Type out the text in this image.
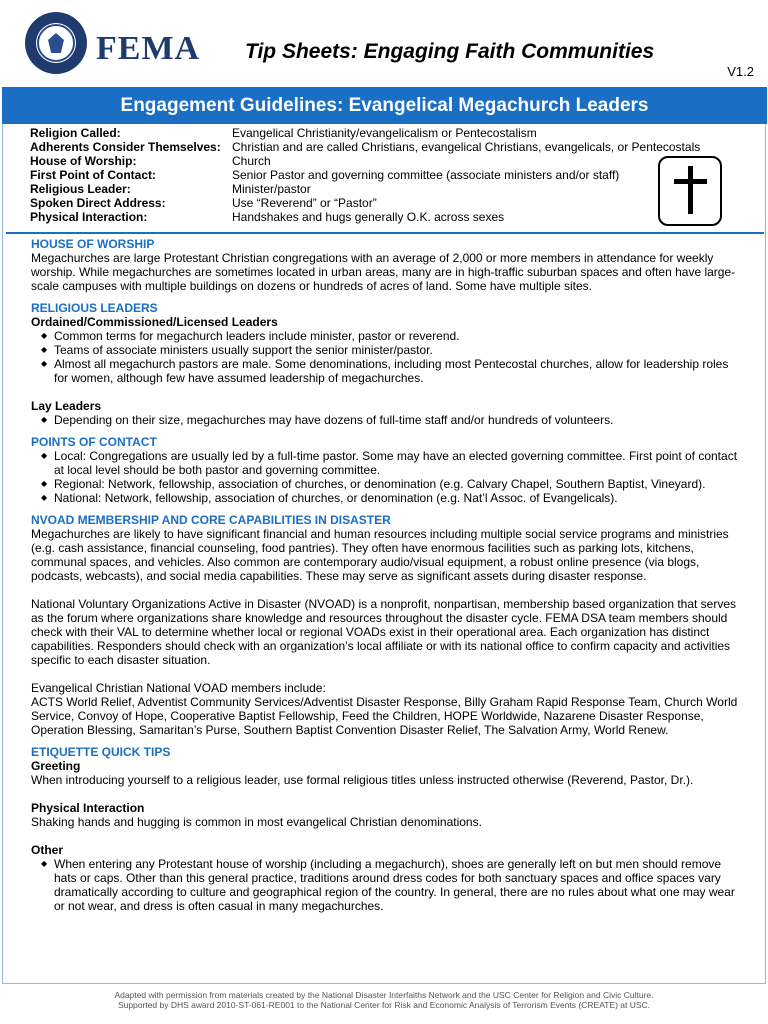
FEMA Tip Sheets: Engaging Faith Communities
V1.2
Engagement Guidelines: Evangelical Megachurch Leaders
Religion Called:	Evangelical Christianity/evangelicalism or Pentecostalism
Adherents Consider Themselves: Christian and are called Christians, evangelical Christians, evangelicals, or Pentecostals
House of Worship:	Church
First Point of Contact:	Senior Pastor and governing committee (associate ministers and/or staff)
Religious Leader:	Minister/pastor
Spoken Direct Address:	Use “Reverend” or “Pastor”
Physical Interaction:	Handshakes and hugs generally O.K. across sexes
HOUSE OF WORSHIP
Megachurches are large Protestant Christian congregations with an average of 2,000 or more members in attendance for weekly worship. While megachurches are sometimes located in urban areas, many are in high-traffic suburban spaces and often have large-scale campuses with multiple buildings on dozens or hundreds of acres of land. Some have multiple sites.
RELIGIOUS LEADERS
Ordained/Commissioned/Licensed Leaders
◆ Common terms for megachurch leaders include minister, pastor or reverend.
◆ Teams of associate ministers usually support the senior minister/pastor.
◆ Almost all megachurch pastors are male. Some denominations, including most Pentecostal churches, allow for leadership roles for women, although few have assumed leadership of megachurches.
Lay Leaders
◆ Depending on their size, megachurches may have dozens of full-time staff and/or hundreds of volunteers.
POINTS OF CONTACT
◆ Local: Congregations are usually led by a full-time pastor. Some may have an elected governing committee. First point of contact at local level should be both pastor and governing committee.
◆ Regional: Network, fellowship, association of churches, or denomination (e.g. Calvary Chapel, Southern Baptist, Vineyard).
◆ National: Network, fellowship, association of churches, or denomination (e.g. Nat’l Assoc. of Evangelicals).
NVOAD MEMBERSHIP AND CORE CAPABILITIES IN DISASTER
Megachurches are likely to have significant financial and human resources including multiple social service programs and ministries (e.g. cash assistance, financial counseling, food pantries). They often have enormous facilities such as parking lots, kitchens, communal spaces, and vehicles. Also common are contemporary audio/visual equipment, a robust online presence (via blogs, podcasts, webcasts), and social media capabilities. These may serve as significant assets during disaster response.
National Voluntary Organizations Active in Disaster (NVOAD) is a nonprofit, nonpartisan, membership based organization that serves as the forum where organizations share knowledge and resources throughout the disaster cycle. FEMA DSA team members should check with their VAL to determine whether local or regional VOADs exist in their operational area. Each organization has distinct capabilities. Responders should check with an organization’s local affiliate or with its national office to confirm capacity and activities specific to each disaster situation.
Evangelical Christian National VOAD members include:
ACTS World Relief, Adventist Community Services/Adventist Disaster Response, Billy Graham Rapid Response Team, Church World Service, Convoy of Hope, Cooperative Baptist Fellowship, Feed the Children, HOPE Worldwide, Nazarene Disaster Response, Operation Blessing, Samaritan’s Purse, Southern Baptist Convention Disaster Relief, The Salvation Army, World Renew.
ETIQUETTE QUICK TIPS
Greeting
When introducing yourself to a religious leader, use formal religious titles unless instructed otherwise (Reverend, Pastor, Dr.).
Physical Interaction
Shaking hands and hugging is common in most evangelical Christian denominations.
Other
◆ When entering any Protestant house of worship (including a megachurch), shoes are generally left on but men should remove hats or caps. Other than this general practice, traditions around dress codes for both sanctuary spaces and office spaces vary dramatically according to culture and geographical region of the country. In general, there are no rules about what one may wear or not wear, and dress is often casual in many megachurches.
Adapted with permission from materials created by the National Disaster Interfaiths Network and the USC Center for Religion and Civic Culture.
Supported by DHS award 2010-ST-061-RE001 to the National Center for Risk and Economic Analysis of Terrorism Events (CREATE) at USC.
